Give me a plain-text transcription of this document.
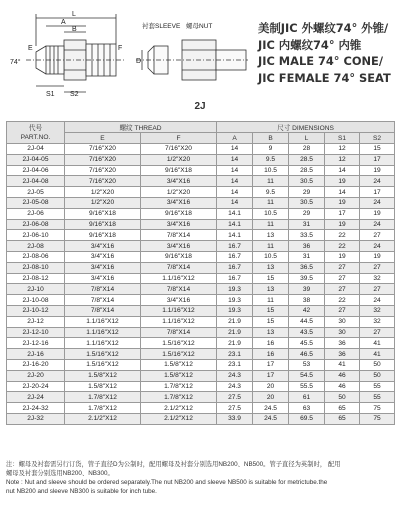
74°
L
A
B
E	F
S1 S2
D
衬套SLEEVE 螺母NUT	美制JIC 外螺纹74° 外锥/
JIC 内螺纹74° 内锥
JIC MALE 74° CONE/
JIC FEMALE 74° SEAT
2J
代号
PART.NO.	螺纹 THREAD		尺寸 DIMENSIONS				
	E	F	A	B	L	S1	S2
2J-04	7/16"X20	7/16"X20	14	9	28	12	15
2J-04-05	7/16"X20	1/2"X20	14	9.5	28.5	12	17
2J-04-06	7/16"X20	9/16"X18	14	10.5	28.5	14	19
2J-04-08	7/16"X20	3/4"X16	14	11	30.5	19	24
2J-05	1/2"X20	1/2"X20	14	9.5	29	14	17
2J-05-08	1/2"X20	3/4"X16	14	11	30.5	19	24
2J-06	9/16"X18	9/16"X18	14.1	10.5	29	17	19
2J-06-08	9/16"X18	3/4"X16	14.1	11	31	19	24
2J-06-10	9/16"X18	7/8"X14	14.1	13	33.5	22	27
2J-08	3/4"X16	3/4"X16	16.7	11	36	22	24
2J-08-06	3/4"X16	9/16"X18	16.7	10.5	31	19	19
2J-08-10	3/4"X16	7/8"X14	16.7	13	36.5	27	27
2J-08-12	3/4"X16	1.1/16"X12	16.7	15	39.5	27	32
2J-10	7/8"X14	7/8"X14	19.3	13	39	27	27
2J-10-08	7/8"X14	3/4"X16	19.3	11	38	22	24
2J-10-12	7/8"X14	1.1/16"X12	19.3	15	42	27	32
2J-12	1.1/16"X12	1.1/16"X12	21.9	15	44.5	30	32
2J-12-10	1.1/16"X12	7/8"X14	21.9	13	43.5	30	27
2J-12-16	1.1/16"X12	1.5/16"X12	21.9	16	45.5	36	41
2J-16	1.5/16"X12	1.5/16"X12	23.1	16	46.5	36	41
2J-16-20	1.5/16"X12	1.5/8"X12	23.1	17	53	41	50
2J-20	1.5/8"X12	1.5/8"X12	24.3	17	54.5	46	50
2J-20-24	1.5/8"X12	1.7/8"X12	24.3	20	55.5	46	55
2J-24	1.7/8"X12	1.7/8"X12	27.5	20	61	50	55
2J-24-32	1.7/8"X12	2.1/2"X12	27.5	24.5	63	65	75
2J-32	2.1/2"X12	2.1/2"X12	33.9	24.5	69.5	65	75
注：螺母及衬套需另行订货，管子直径D为公制时，配用螺母及衬套分别选用NB200、NB500。管子直径为英制时， 配用
螺母及衬套分别选用NB200、NB300。
Note : Nut and sleeve should be ordered separately.The nut NB200 and sleeve NB500 is suitable for metrictube.the
nut NB200 and sleeve NB300 is suitable for inch tube.
